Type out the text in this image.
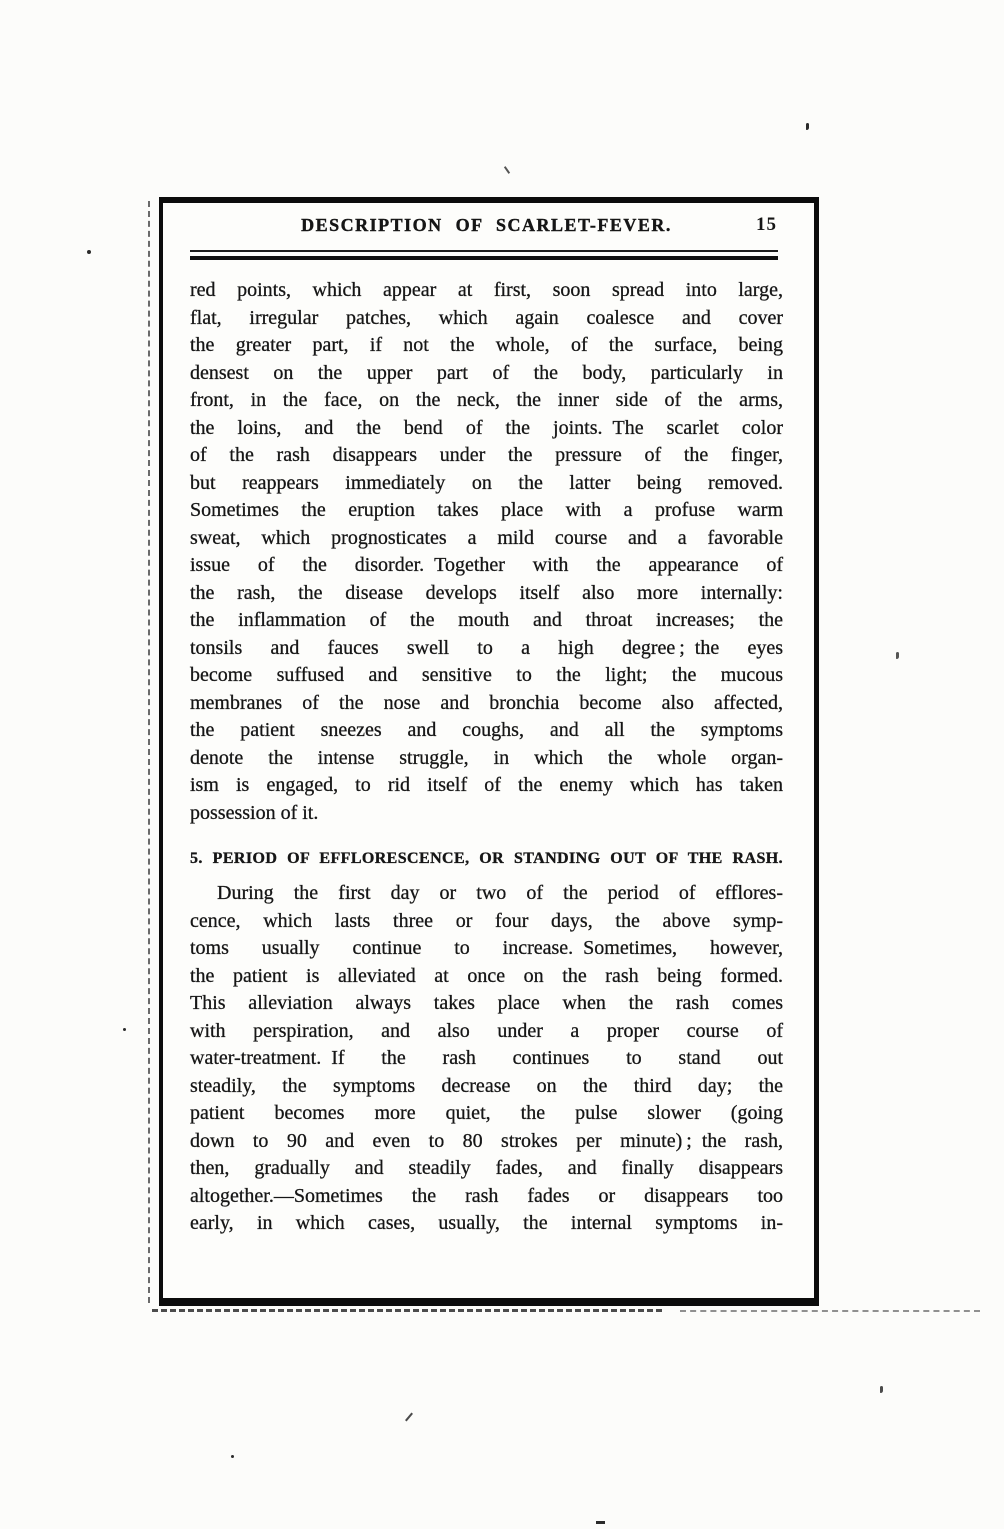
DESCRIPTION OF SCARLET-FEVER.	15
red points, which appear at first, soon spread into large,
flat, irregular patches, which again coalesce and cover
the greater part, if not the whole, of the surface, being
densest on the upper part of the body, particularly in
front, in the face, on the neck, the inner side of the arms,
the loins, and the bend of the joints. The scarlet color
of the rash disappears under the pressure of the finger,
but reappears immediately on the latter being removed.
Sometimes the eruption takes place with a profuse warm
sweat, which prognosticates a mild course and a favorable
issue of the disorder. Together with the appearance of
the rash, the disease develops itself also more internally:
the inflammation of the mouth and throat increases; the
tonsils and fauces swell to a high degree ; the eyes
become suffused and sensitive to the light; the mucous
membranes of the nose and bronchia become also affected,
the patient sneezes and coughs, and all the symptoms
denote the intense struggle, in which the whole organ-
ism is engaged, to rid itself of the enemy which has taken
possession of it.
5. PERIOD OF EFFLORESCENCE, OR STANDING OUT OF THE RASH.
During the first day or two of the period of efflores-
cence, which lasts three or four days, the above symp-
toms usually continue to increase. Sometimes, however,
the patient is alleviated at once on the rash being formed.
This alleviation always takes place when the rash comes
with perspiration, and also under a proper course of
water-treatment. If the rash continues to stand out
steadily, the symptoms decrease on the third day; the
patient becomes more quiet, the pulse slower (going
down to 90 and even to 80 strokes per minute) ; the rash,
then, gradually and steadily fades, and finally disappears
altogether.—Sometimes the rash fades or disappears too
early, in which cases, usually, the internal symptoms in-
